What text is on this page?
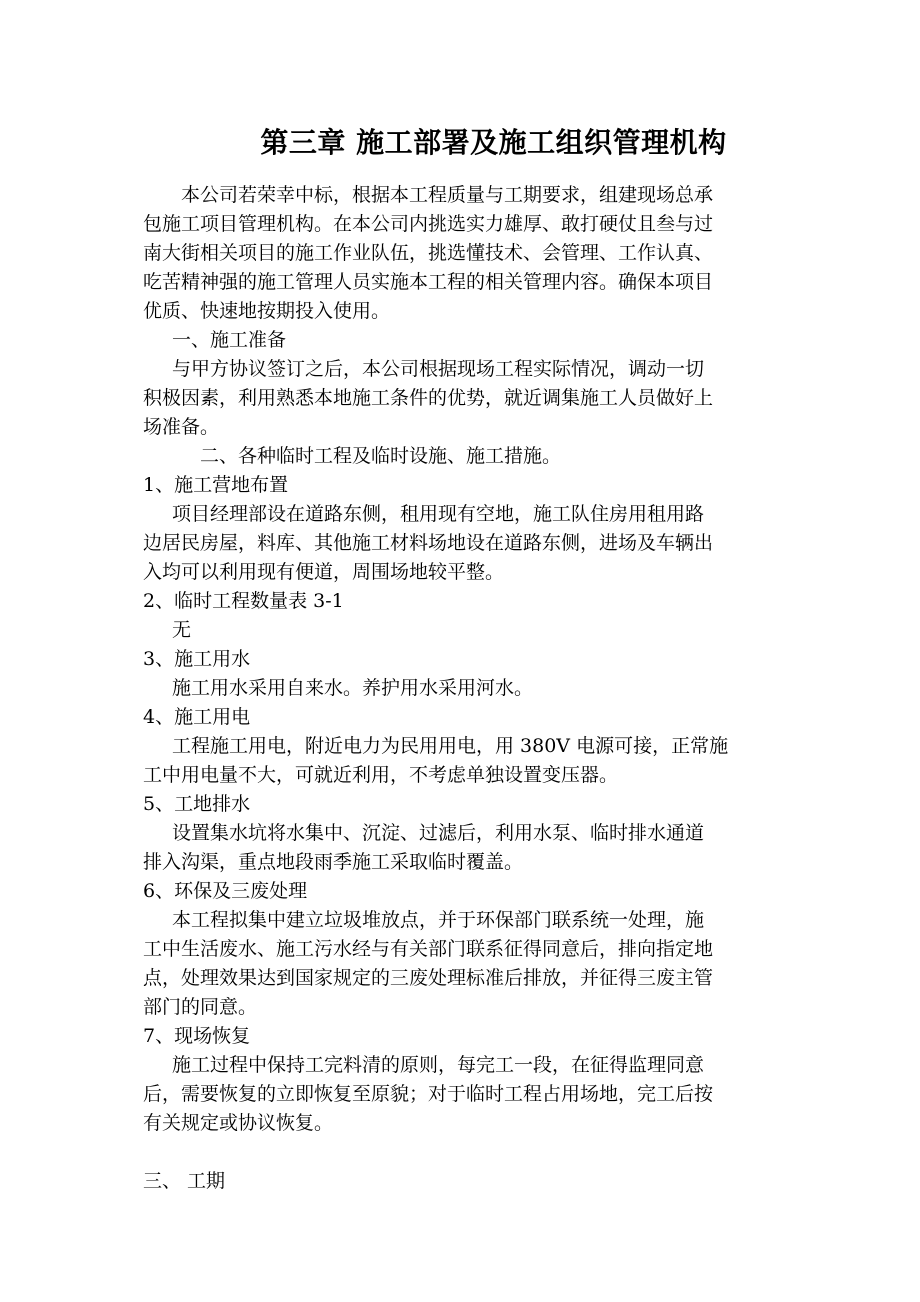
第三章 施工部署及施工组织管理机构

本公司若荣幸中标，根据本工程质量与工期要求，组建现场总承

包施工项目管理机构。在本公司内挑选实力雄厚、敢打硬仗且叁与过

南大街相关项目的施工作业队伍，挑选懂技术、会管理、工作认真、

吃苦精神强的施工管理人员实施本工程的相关管理内容。确保本项目

优质、快速地按期投入使用。

一、施工准备

与甲方协议签订之后，本公司根据现场工程实际情况，调动一切

积极因素，利用熟悉本地施工条件的优势，就近调集施工人员做好上

场准备。

二、各种临时工程及临时设施、施工措施。

1、施工营地布置

项目经理部设在道路东侧，租用现有空地，施工队住房用租用路

边居民房屋，料库、其他施工材料场地设在道路东侧，进场及车辆出

入均可以利用现有便道，周围场地较平整。

2、临时工程数量表 3-1

无

3、施工用水

施工用水采用自来水。养护用水采用河水。

4、施工用电

工程施工用电，附近电力为民用用电，用 380V 电源可接，正常施

工中用电量不大，可就近利用，不考虑单独设置变压器。

5、工地排水

设置集水坑将水集中、沉淀、过滤后，利用水泵、临时排水通道

排入沟渠，重点地段雨季施工采取临时覆盖。

6、环保及三废处理

本工程拟集中建立垃圾堆放点，并于环保部门联系统一处理，施

工中生活废水、施工污水经与有关部门联系征得同意后，排向指定地

点，处理效果达到国家规定的三废处理标准后排放，并征得三废主管

部门的同意。

7、现场恢复

施工过程中保持工完料清的原则，每完工一段，在征得监理同意

后，需要恢复的立即恢复至原貌；对于临时工程占用场地，完工后按

有关规定或协议恢复。

三、 工期
